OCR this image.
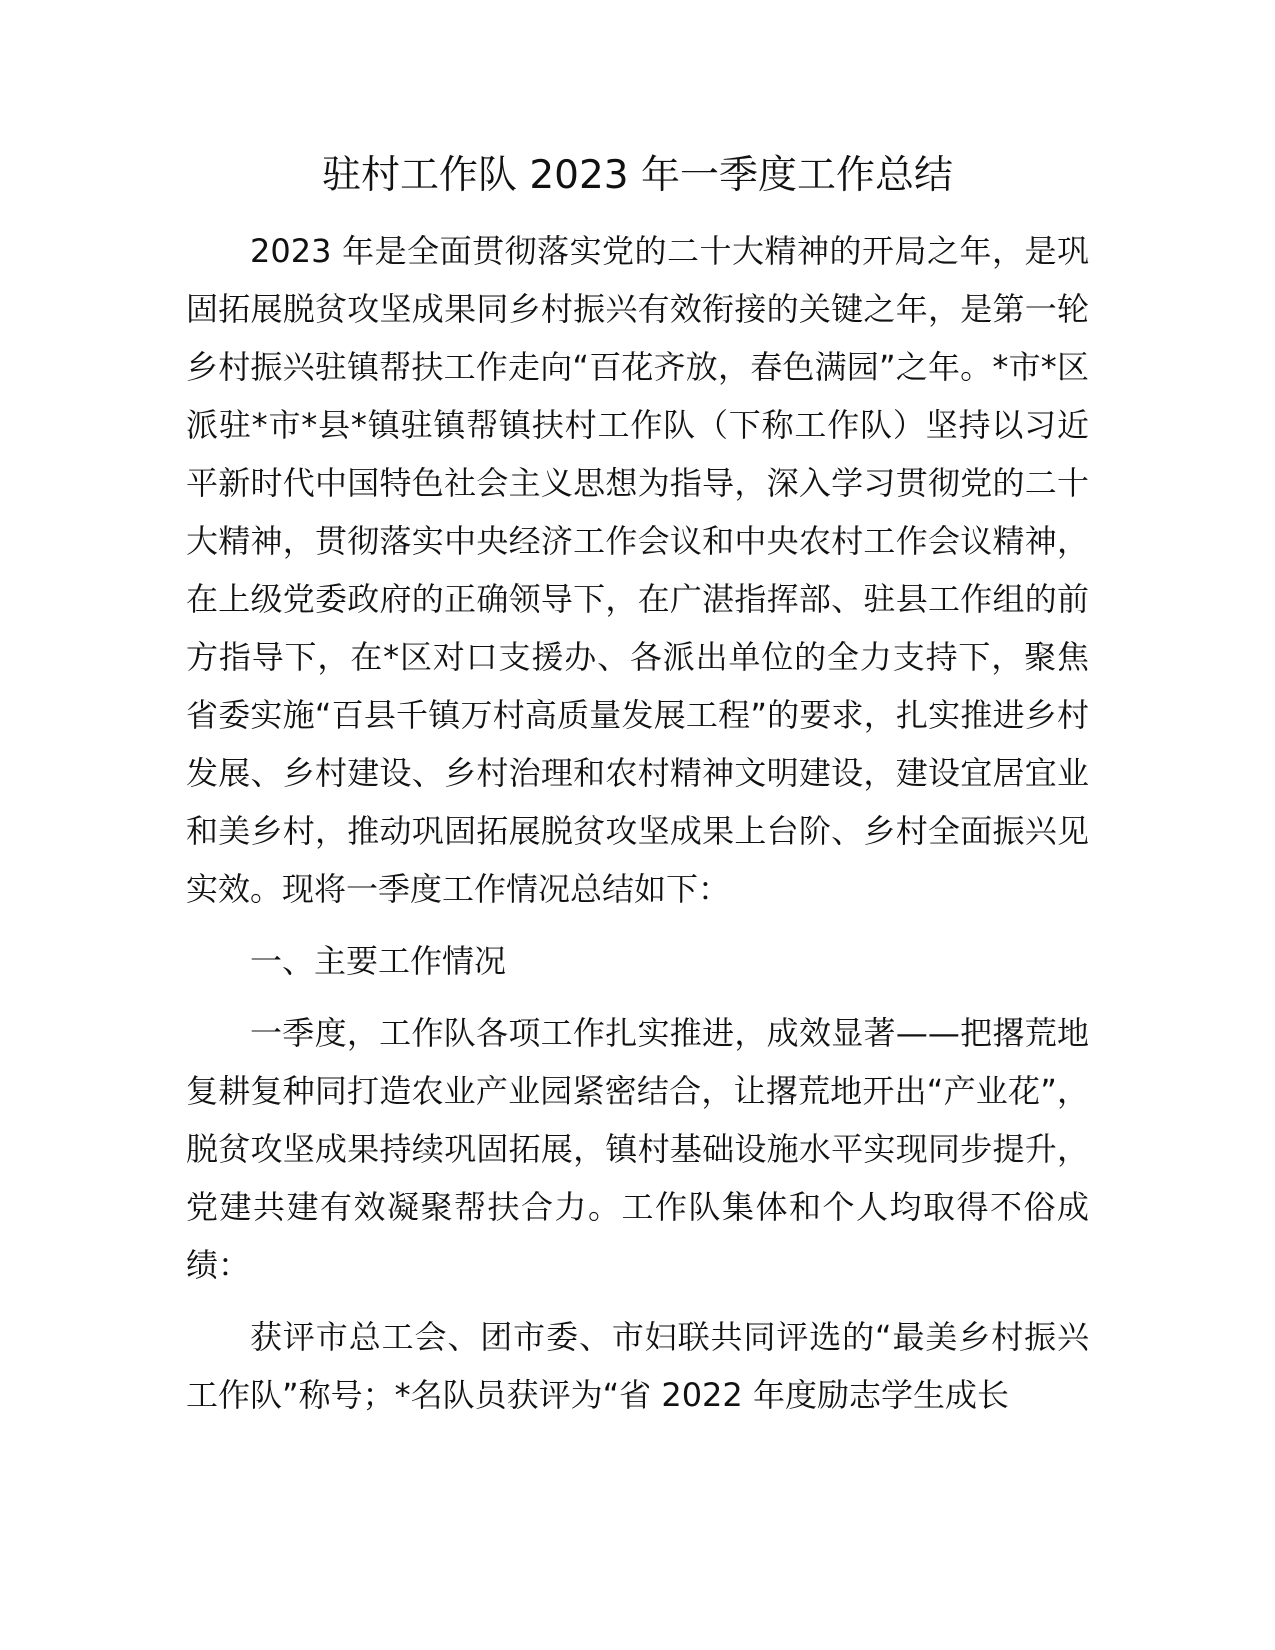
驻村工作队 2023 年一季度工作总结

2023 年是全面贯彻落实党的二十大精神的开局之年，是巩固拓展脱贫攻坚成果同乡村振兴有效衔接的关键之年，是第一轮乡村振兴驻镇帮扶工作走向“百花齐放，春色满园”之年。*市*区派驻*市*县*镇驻镇帮镇扶村工作队（下称工作队）坚持以习近平新时代中国特色社会主义思想为指导，深入学习贯彻党的二十大精神，贯彻落实中央经济工作会议和中央农村工作会议精神，在上级党委政府的正确领导下，在广湛指挥部、驻县工作组的前方指导下，在*区对口支援办、各派出单位的全力支持下，聚焦省委实施“百县千镇万村高质量发展工程”的要求，扎实推进乡村发展、乡村建设、乡村治理和农村精神文明建设，建设宜居宜业和美乡村，推动巩固拓展脱贫攻坚成果上台阶、乡村全面振兴见实效。现将一季度工作情况总结如下：

一、主要工作情况

一季度，工作队各项工作扎实推进，成效显著——把撂荒地复耕复种同打造农业产业园紧密结合，让撂荒地开出“产业花”，脱贫攻坚成果持续巩固拓展，镇村基础设施水平实现同步提升，党建共建有效凝聚帮扶合力。工作队集体和个人均取得不俗成绩：

获评市总工会、团市委、市妇联共同评选的“最美乡村振兴工作队”称号；*名队员获评为“省 2022 年度励志学生成长
